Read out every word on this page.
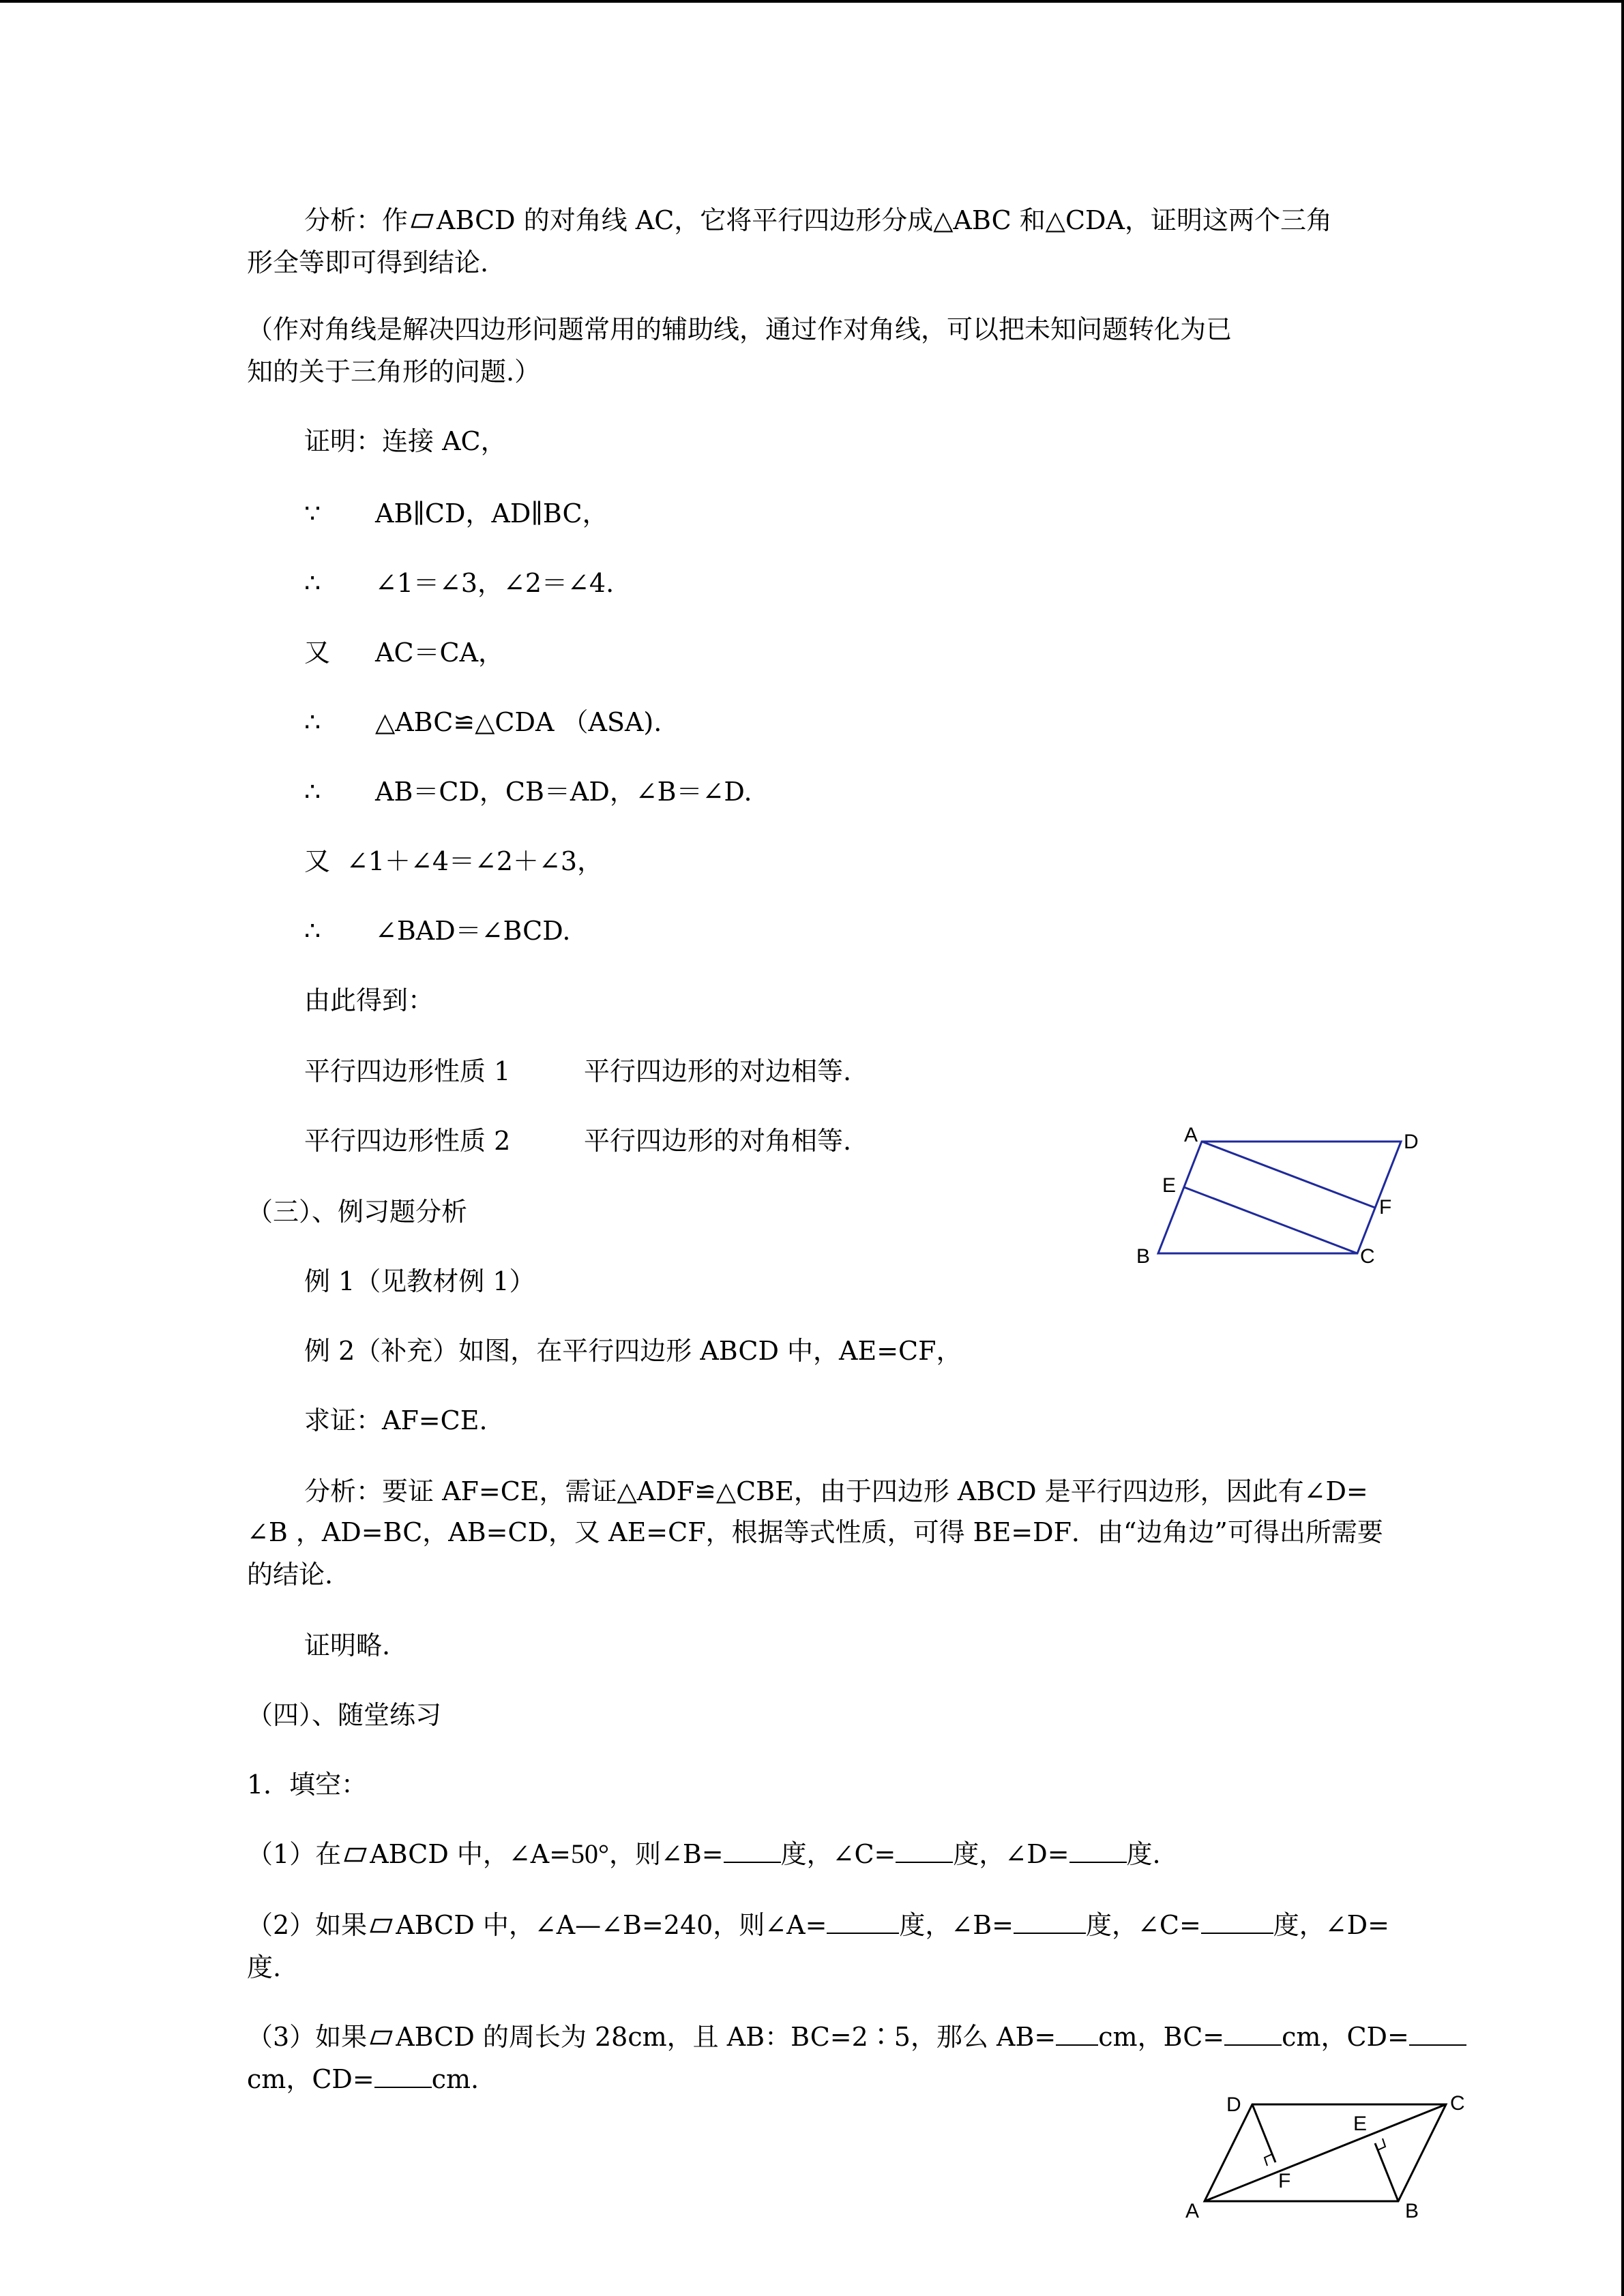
分析：作 ABCD 的对角线 AC，它将平行四边形分成△ABC 和△CDA，证明这两个三角
形全等即可得到结论.
（作对角线是解决四边形问题常用的辅助线，通过作对角线，可以把未知问题转化为已
知的关于三角形的问题.）
证明：连接 AC，
∵ AB∥CD，AD∥BC，
∴ ∠1＝∠3，∠2＝∠4.
又 AC＝CA，
∴ △ABC≌△CDA （ASA).
∴ AB＝CD，CB＝AD，∠B＝∠D.
又 ∠1＋∠4＝∠2＋∠3，
∴ ∠BAD＝∠BCD.
由此得到：
平行四边形性质 1	平行四边形的对边相等.
平行四边形性质 2	平行四边形的对角相等.
（三）、例习题分析
例 1（见教材例 1）
例 2（补充）如图，在平行四边形 ABCD 中，AE=CF，
求证：AF=CE.
分析：要证 AF=CE，需证△ADF≌△CBE，由于四边形 ABCD 是平行四边形，因此有∠D=
∠B ，AD=BC，AB=CD，又 AE=CF，根据等式性质，可得 BE=DF．由“边角边”可得出所需要
的结论.
证明略.
（四）、随堂练习
1．填空：
（1）在 ABCD 中，∠A=50°，则∠B= 度，∠C= 度，∠D= 度.
（2）如果 ABCD 中，∠A—∠B=240，则∠A=	度，∠B=	度，∠C=	度，∠D=
度.
（3）如果 ABCD 的周长为 28cm，且 AB：BC=2∶5，那么 AB= cm，BC= cm，CD=
cm，CD= cm.
A	D
E
F
B	C
D	C
E
F
A	B
